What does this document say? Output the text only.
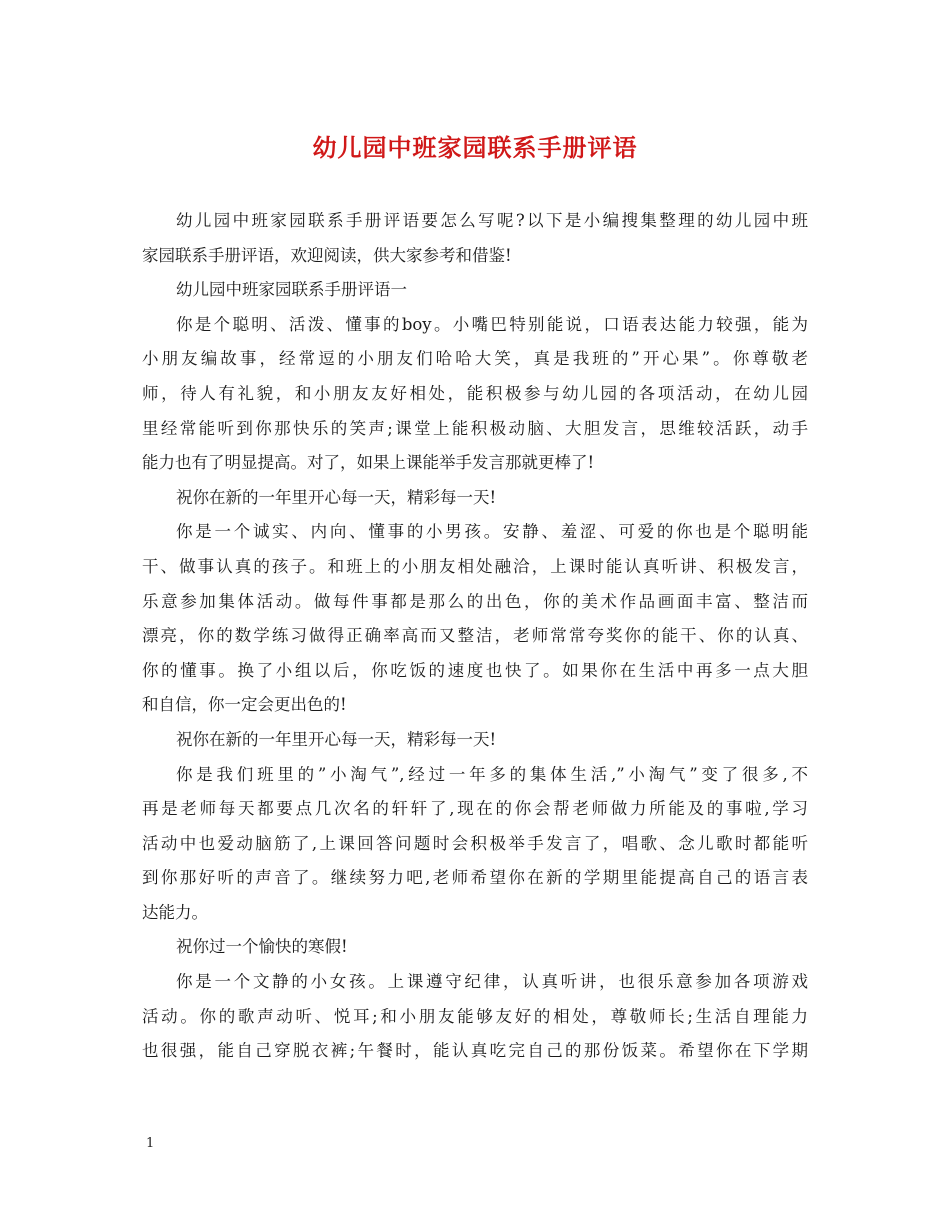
幼儿园中班家园联系手册评语
幼儿园中班家园联系手册评语要怎么写呢?以下是小编搜集整理的幼儿园中班
家园联系手册评语，欢迎阅读，供大家参考和借鉴!
幼儿园中班家园联系手册评语一
你是个聪明、活泼、懂事的boy。小嘴巴特别能说，口语表达能力较强，能为
小朋友编故事，经常逗的小朋友们哈哈大笑，真是我班的”开心果”。你尊敬老
师，待人有礼貌，和小朋友友好相处，能积极参与幼儿园的各项活动，在幼儿园
里经常能听到你那快乐的笑声;课堂上能积极动脑、大胆发言，思维较活跃，动手
能力也有了明显提高。对了，如果上课能举手发言那就更棒了!
祝你在新的一年里开心每一天，精彩每一天!
你是一个诚实、内向、懂事的小男孩。安静、羞涩、可爱的你也是个聪明能
干、做事认真的孩子。和班上的小朋友相处融洽，上课时能认真听讲、积极发言，
乐意参加集体活动。做每件事都是那么的出色，你的美术作品画面丰富、整洁而
漂亮，你的数学练习做得正确率高而又整洁，老师常常夸奖你的能干、你的认真、
你的懂事。换了小组以后，你吃饭的速度也快了。如果你在生活中再多一点大胆
和自信，你一定会更出色的!
祝你在新的一年里开心每一天，精彩每一天!
你是我们班里的”小淘气”,经过一年多的集体生活,”小淘气”变了很多,不
再是老师每天都要点几次名的轩轩了,现在的你会帮老师做力所能及的事啦,学习
活动中也爱动脑筋了,上课回答问题时会积极举手发言了，唱歌、念儿歌时都能听
到你那好听的声音了。继续努力吧,老师希望你在新的学期里能提高自己的语言表
达能力。
祝你过一个愉快的寒假!
你是一个文静的小女孩。上课遵守纪律，认真听讲，也很乐意参加各项游戏
活动。你的歌声动听、悦耳;和小朋友能够友好的相处，尊敬师长;生活自理能力
也很强，能自己穿脱衣裤;午餐时，能认真吃完自己的那份饭菜。希望你在下学期
1
